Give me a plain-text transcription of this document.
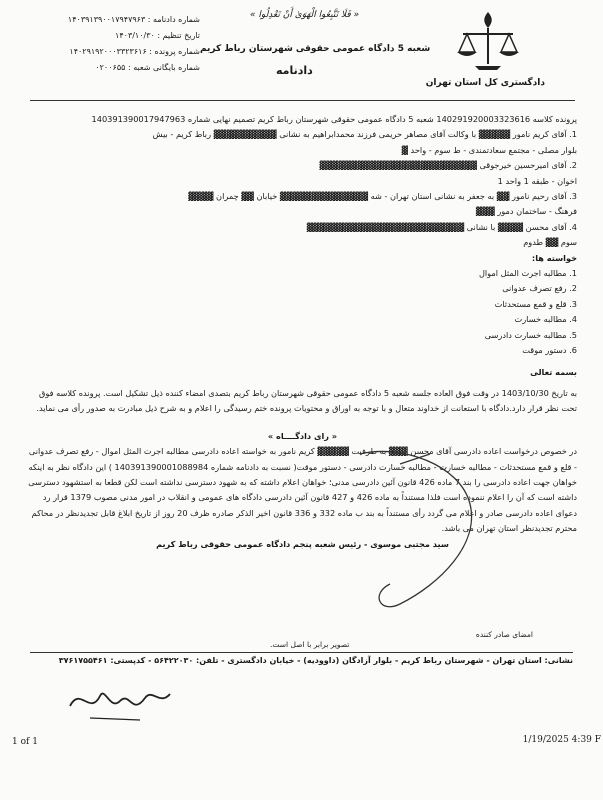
دادگستری کل استان تهران
« فَلَا تَتَّبِعُوا الْهَوَىٰ أَنْ تَعْدِلُوا »
شعبه 5 دادگاه عمومی حقوقی شهرستان رباط کریم
دادنامه
شماره دادنامه : ۱۴۰۳۹۱۳۹۰۰۱۷۹۴۷۹۶۳
تاریخ تنظیم : ۱۴۰۳/۱۰/۳۰
شماره پرونده : ۱۴۰۲۹۱۹۲۰۰۰۳۳۲۳۶۱۶
شماره بایگانی شعبه : ۰۲۰۰۶۵۵

پرونده کلاسه 1402919200033236​16 شعبه 5 دادگاه عمومی حقوقی شهرستان رباط کریم تصمیم نهایی شماره 1403913900179479​63

1. آقای کریم نامور ▓▓▓▓▓ با وکالت آقای مصاهر حریمی فرزند محمدابراهیم به نشانی ▓▓▓▓▓▓▓▓▓▓ رباط کریم - بیش

بلوار مصلی - مجتمع سعادتمندی - ط سوم - واحد ▓

2. آقای امیرحسین خیرجوقی ▓▓▓▓▓▓▓▓▓▓▓▓▓▓▓▓▓▓▓▓▓▓▓▓▓

اخوان - طبقه 1 واحد 1

3. آقای رحیم نامور ▓▓ به جعفر به نشانی استان تهران - شه ▓▓▓▓▓▓▓▓▓▓▓▓▓▓ خیابان ▓▓ چمران ▓▓▓▓

فرهنگ - ساختمان دمور ▓▓▓

4. آقای محسن ▓▓▓▓ با نشانی ▓▓▓▓▓▓▓▓▓▓▓▓▓▓▓▓▓▓▓▓▓▓▓▓▓

سوم ▓▓ ‌طدوم

خواسته ها:

1. مطالبه اجرت المثل اموال

2. رفع تصرف عدوانی

3. قلع و قمع مستحدثات

4. مطالبه خسارت

5. مطالبه خسارت دادرسی

6. دستور موقت

بسمه تعالی

به تاریخ 1403/10/30 در وقت فوق العاده جلسه شعبه 5 دادگاه عمومی حقوقی شهرستان رباط کریم بتصدی امضاء کننده ذیل تشکیل است. پرونده کلاسه فوق تحت نظر قرار دارد.دادگاه با استعانت از خداوند متعال و با توجه به اوراق و محتویات پرونده ختم رسیدگی را اعلام و به شرح ذیل مبادرت به صدور رأی می نماید.

« رای دادگــــاه »

در خصوص درخواست اعاده دادرسی آقای محسن ▓▓▓ به طرفیت ▓▓▓▓▓ کریم نامور به خواسته اعاده دادرسی مطالبه اجرت المثل اموال - رفع تصرف عدوانی - قلع و قمع مستحدثات - مطالبه خسارت - مطالبه خسارت دادرسی - دستور موقت( نسبت به دادنامه شماره 1403913900010889​84 ) این دادگاه نظر به اینکه خواهان جهت اعاده دادرسی را بند 7 ماده 426 قانون آئین دادرسی مدنی؛ خواهان اعلام داشته که به شهود دسترسی نداشته است لکن قطعا به استشهود دسترسی داشته است که آن را اعلام ننموده است فلذا مستنداً به ماده 426 و 427 قانون آئین دادرسی دادگاه های عمومی و انقلاب در امور مدنی مصوب 1379 قرار رد دعوای اعاده دادرسی صادر و اعلام می گردد رأی مستنداً به بند ب ماده 332 و 336 قانون اخیر الذکر صادره ظرف 20 روز از تاریخ ابلاغ قابل تجدیدنظر در محاکم محترم تجدیدنظر استان تهران می باشد.

سید مجتبی موسوی - رئیس شعبه پنجم دادگاه عمومی حقوقی رباط کریم

امضای صادر کننده
تصویر برابر با اصل است.
نشانی: استان تهران - شهرستان رباط کریم - بلوار آزادگان (داوودیه) - خیابان دادگستری - تلفن: ۵۶۴۲۲۰۳۰ - کدپستی: ۳۷۶۱۷۵۵۴۶۱
ابلاغ شد
1 of 1	1/19/2025 4:39 F
